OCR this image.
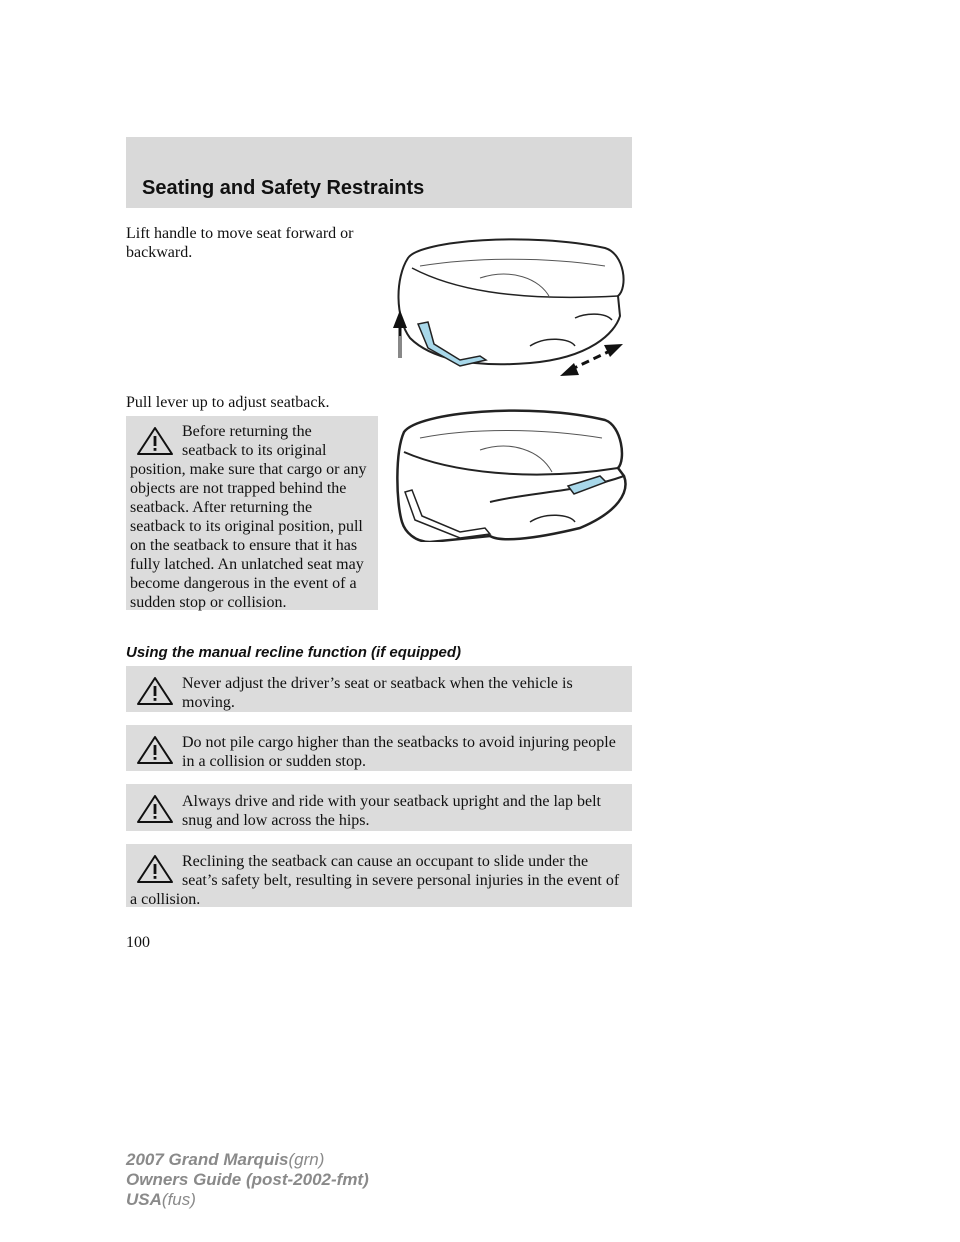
Seating and Safety Restraints
Lift handle to move seat forward or backward.
Pull lever up to adjust seatback.
Before returning the seatback to its original position, make sure that cargo or any objects are not trapped behind the seatback. After returning the seatback to its original position, pull on the seatback to ensure that it has fully latched. An unlatched seat may become dangerous in the event of a sudden stop or collision.
Using the manual recline function (if equipped)
Never adjust the driver’s seat or seatback when the vehicle is moving.
Do not pile cargo higher than the seatbacks to avoid injuring people in a collision or sudden stop.
Always drive and ride with your seatback upright and the lap belt snug and low across the hips.
Reclining the seatback can cause an occupant to slide under the seat’s safety belt, resulting in severe personal injuries in the event of a collision.
100
2007 Grand Marquis(grn)
Owners Guide (post-2002-fmt)
USA(fus)
